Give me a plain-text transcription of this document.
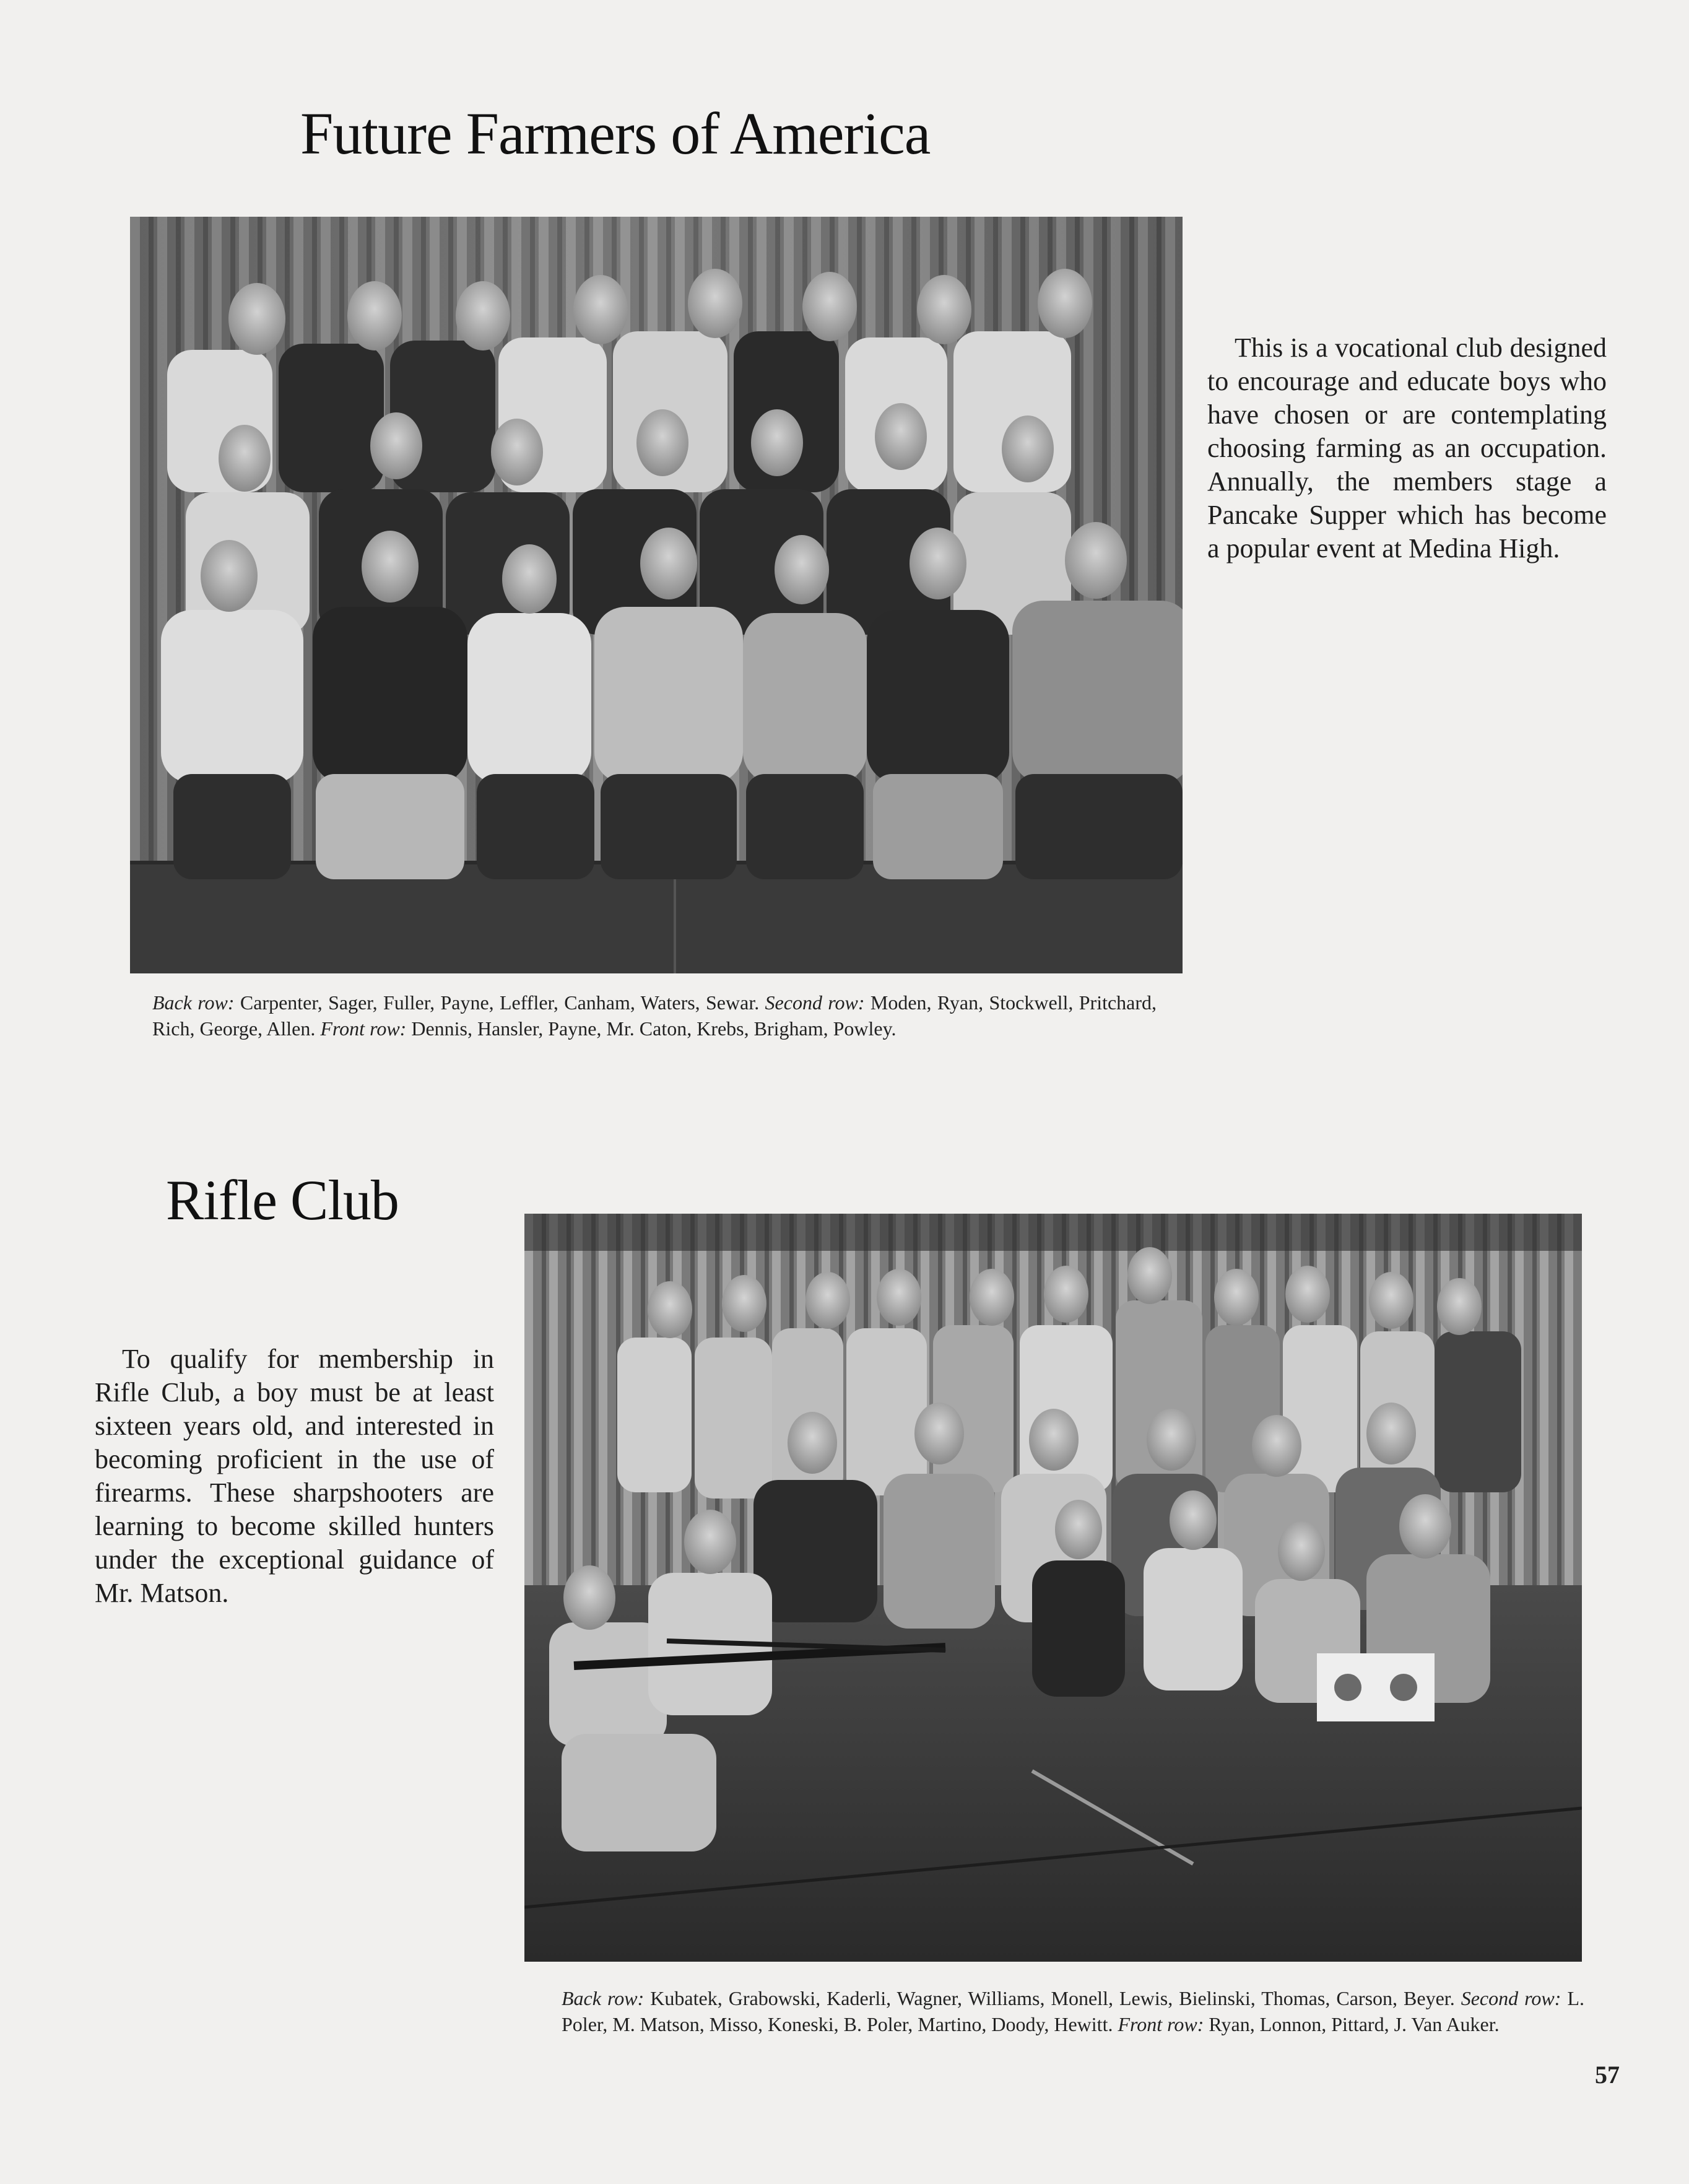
Future Farmers of America
This is a vocational club designed to encourage and educate boys who have chosen or are contemplating choosing farming as an occupation. Annually, the members stage a Pancake Supper which has become a popular event at Medina High.
Back row: Carpenter, Sager, Fuller, Payne, Leffler, Canham, Waters, Sewar. Second row: Moden, Ryan, Stockwell, Pritchard, Rich, George, Allen. Front row: Dennis, Hansler, Payne, Mr. Caton, Krebs, Brigham, Powley.
Rifle Club
To qualify for membership in Rifle Club, a boy must be at least sixteen years old, and interested in becoming proficient in the use of firearms. These sharpshooters are learning to become skilled hunters under the exceptional guidance of Mr. Matson.
Back row: Kubatek, Grabowski, Kaderli, Wagner, Williams, Monell, Lewis, Bielinski, Thomas, Carson, Beyer. Second row: L. Poler, M. Matson, Misso, Koneski, B. Poler, Martino, Doody, Hewitt. Front row: Ryan, Lonnon, Pittard, J. Van Auker.
57
